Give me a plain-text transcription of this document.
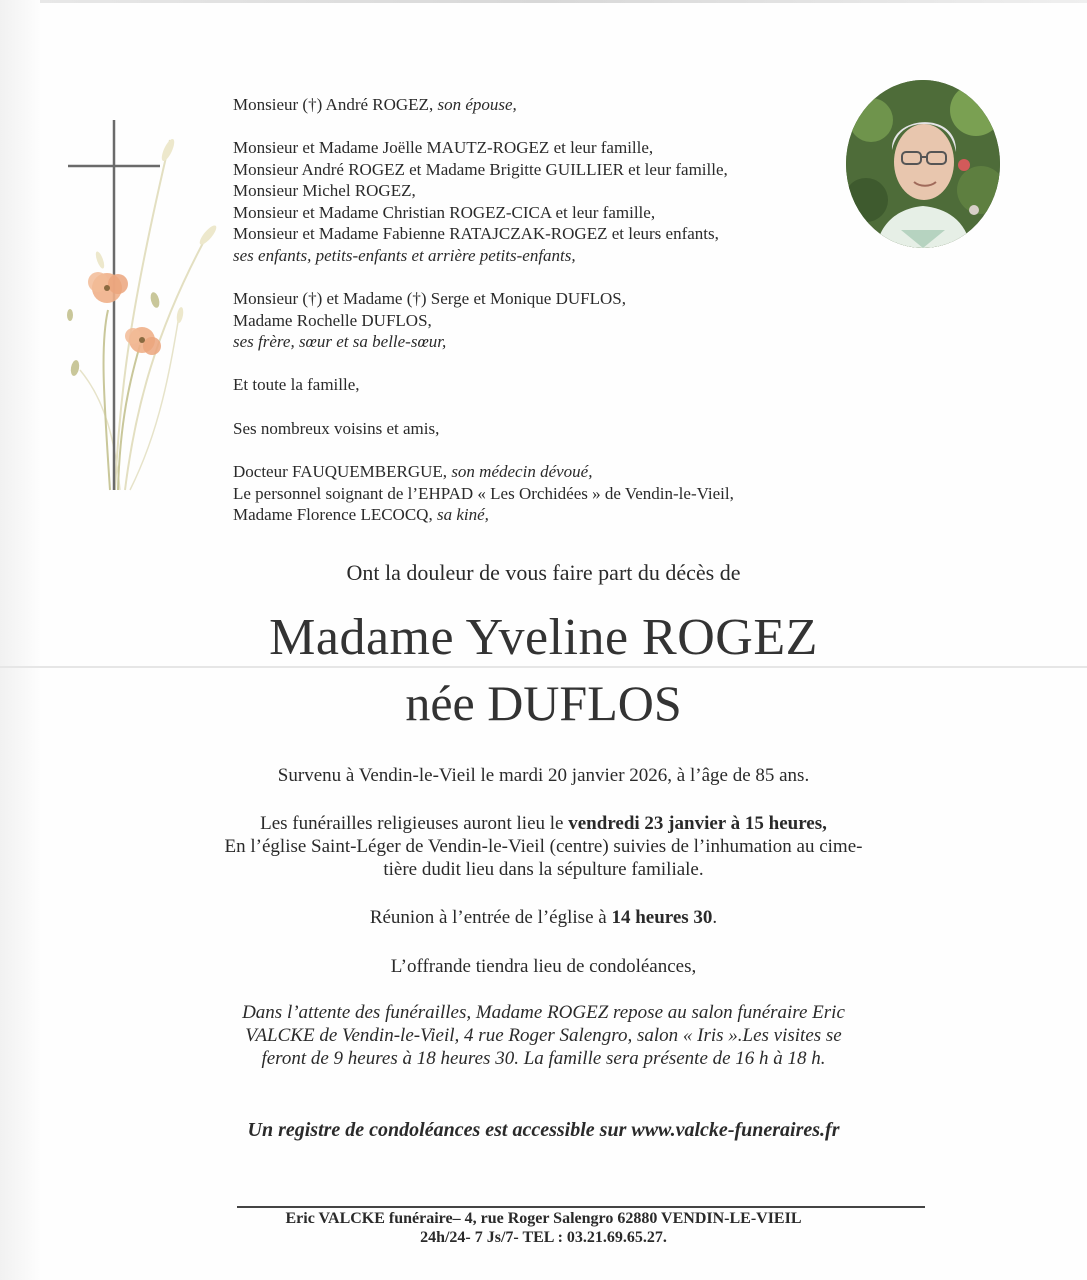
Monsieur (†) André ROGEZ, son épouse,
Monsieur et Madame Joëlle MAUTZ-ROGEZ et leur famille,
Monsieur André ROGEZ et Madame Brigitte GUILLIER et leur famille,
Monsieur Michel ROGEZ,
Monsieur et Madame Christian ROGEZ-CICA et leur famille,
Monsieur et Madame Fabienne RATAJCZAK-ROGEZ et leurs enfants,
ses enfants, petits-enfants et arrière petits-enfants,
Monsieur (†) et Madame (†) Serge et Monique DUFLOS,
Madame Rochelle DUFLOS,
ses frère, sœur et sa belle-sœur,
Et toute la famille,
Ses nombreux voisins et amis,
Docteur FAUQUEMBERGUE, son médecin dévoué,
Le personnel soignant de l’EHPAD « Les Orchidées » de Vendin-le-Vieil,
Madame Florence LECOCQ, sa kiné,
Ont la douleur de vous faire part du décès de
Madame Yveline ROGEZ
née DUFLOS
Survenu à Vendin-le-Vieil le mardi 20 janvier 2026, à l’âge de 85 ans.
Les funérailles religieuses auront lieu le vendredi 23 janvier à 15 heures,
En l’église Saint-Léger de Vendin-le-Vieil (centre) suivies de l’inhumation au cime-
tière dudit lieu dans la sépulture familiale.
Réunion à l’entrée de l’église à 14 heures 30.
L’offrande tiendra lieu de condoléances,
Dans l’attente des funérailles, Madame ROGEZ repose au salon funéraire Eric
VALCKE de Vendin-le-Vieil, 4 rue Roger Salengro, salon « Iris ».Les visites se
feront de 9 heures à 18 heures 30. La famille sera présente de 16 h à 18 h.
Un registre de condoléances est accessible sur www.valcke-funeraires.fr
Eric VALCKE funéraire– 4, rue Roger Salengro 62880 VENDIN-LE-VIEIL
24h/24- 7 Js/7- TEL : 03.21.69.65.27.
